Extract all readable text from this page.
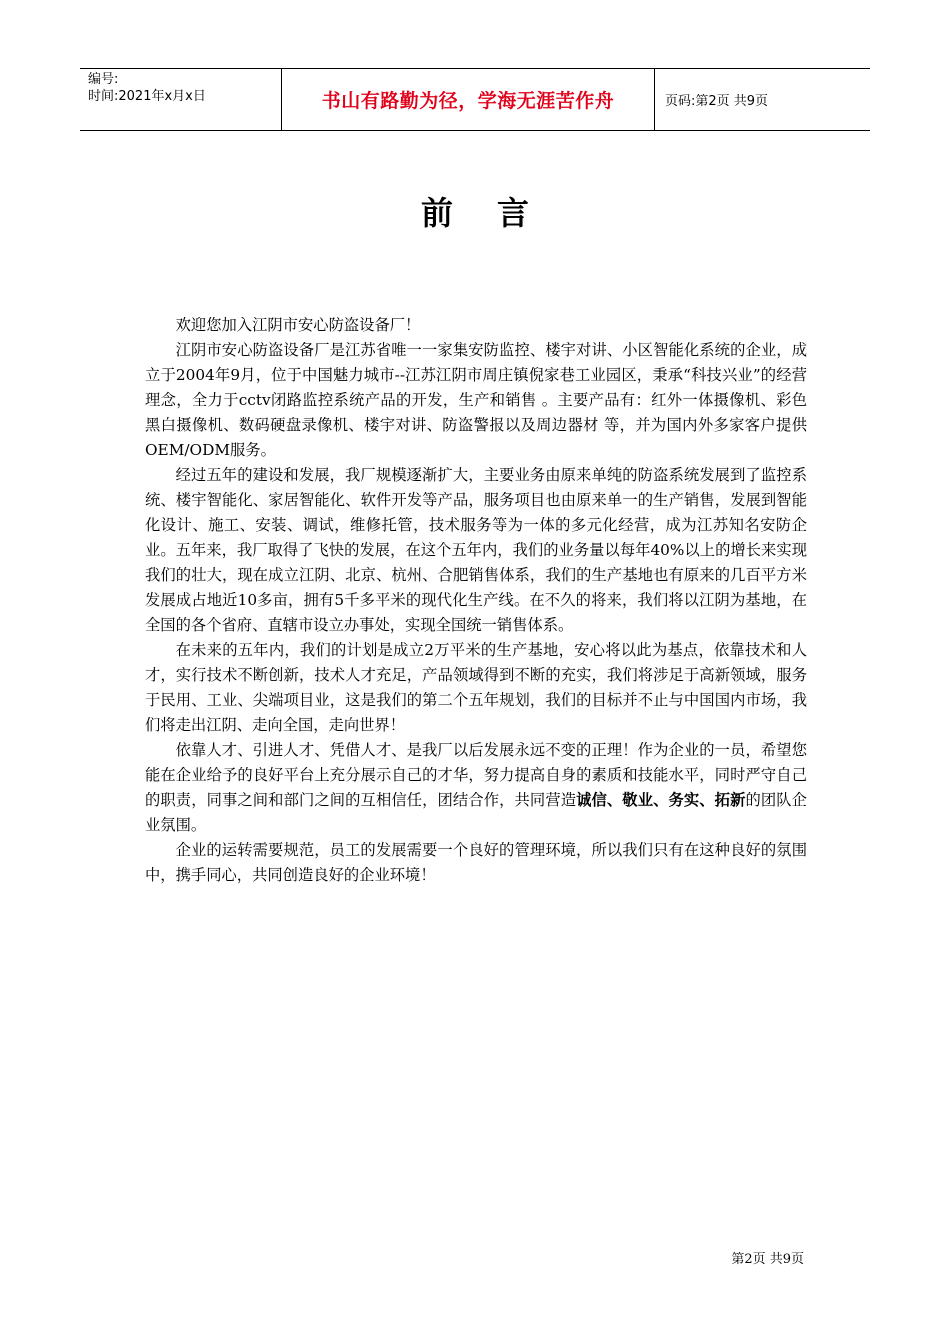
编号:
时间:2021年x月x日	书山有路勤为径，学海无涯苦作舟	页码:第2页 共9页
前言

欢迎您加入江阴市安心防盗设备厂！

江阴市安心防盗设备厂是江苏省唯一一家集安防监控、楼宇对讲、小区智能化系统的企业，成立于2004年9月，位于中国魅力城市--江苏江阴市周庄镇倪家巷工业园区，秉承“科技兴业”的经营理念，全力于cctv闭路监控系统产品的开发，生产和销售 。主要产品有：红外一体摄像机、彩色黑白摄像机、数码硬盘录像机、楼宇对讲、防盗警报以及周边器材 等，并为国内外多家客户提供OEM/ODM服务。

经过五年的建设和发展，我厂规模逐渐扩大，主要业务由原来单纯的防盗系统发展到了监控系统、楼宇智能化、家居智能化、软件开发等产品，服务项目也由原来单一的生产销售，发展到智能化设计、施工、安装、调试，维修托管，技术服务等为一体的多元化经营，成为江苏知名安防企业。五年来，我厂取得了飞快的发展，在这个五年内，我们的业务量以每年40%以上的增长来实现我们的壮大，现在成立江阴、北京、杭州、合肥销售体系，我们的生产基地也有原来的几百平方米发展成占地近10多亩，拥有5千多平米的现代化生产线。在不久的将来，我们将以江阴为基地，在全国的各个省府、直辖市设立办事处，实现全国统一销售体系。

在未来的五年内，我们的计划是成立2万平米的生产基地，安心将以此为基点，依靠技术和人才，实行技术不断创新，技术人才充足，产品领域得到不断的充实，我们将涉足于高新领域，服务于民用、工业、尖端项目业，这是我们的第二个五年规划，我们的目标并不止与中国国内市场，我们将走出江阴、走向全国，走向世界！

依靠人才、引进人才、凭借人才、是我厂以后发展永远不变的正理！作为企业的一员，希望您能在企业给予的良好平台上充分展示自己的才华，努力提高自身的素质和技能水平，同时严守自己的职责，同事之间和部门之间的互相信任，团结合作，共同营造诚信、敬业、务实、拓新的团队企业氛围。

企业的运转需要规范，员工的发展需要一个良好的管理环境，所以我们只有在这种良好的氛围中，携手同心，共同创造良好的企业环境！

第2页 共9页
